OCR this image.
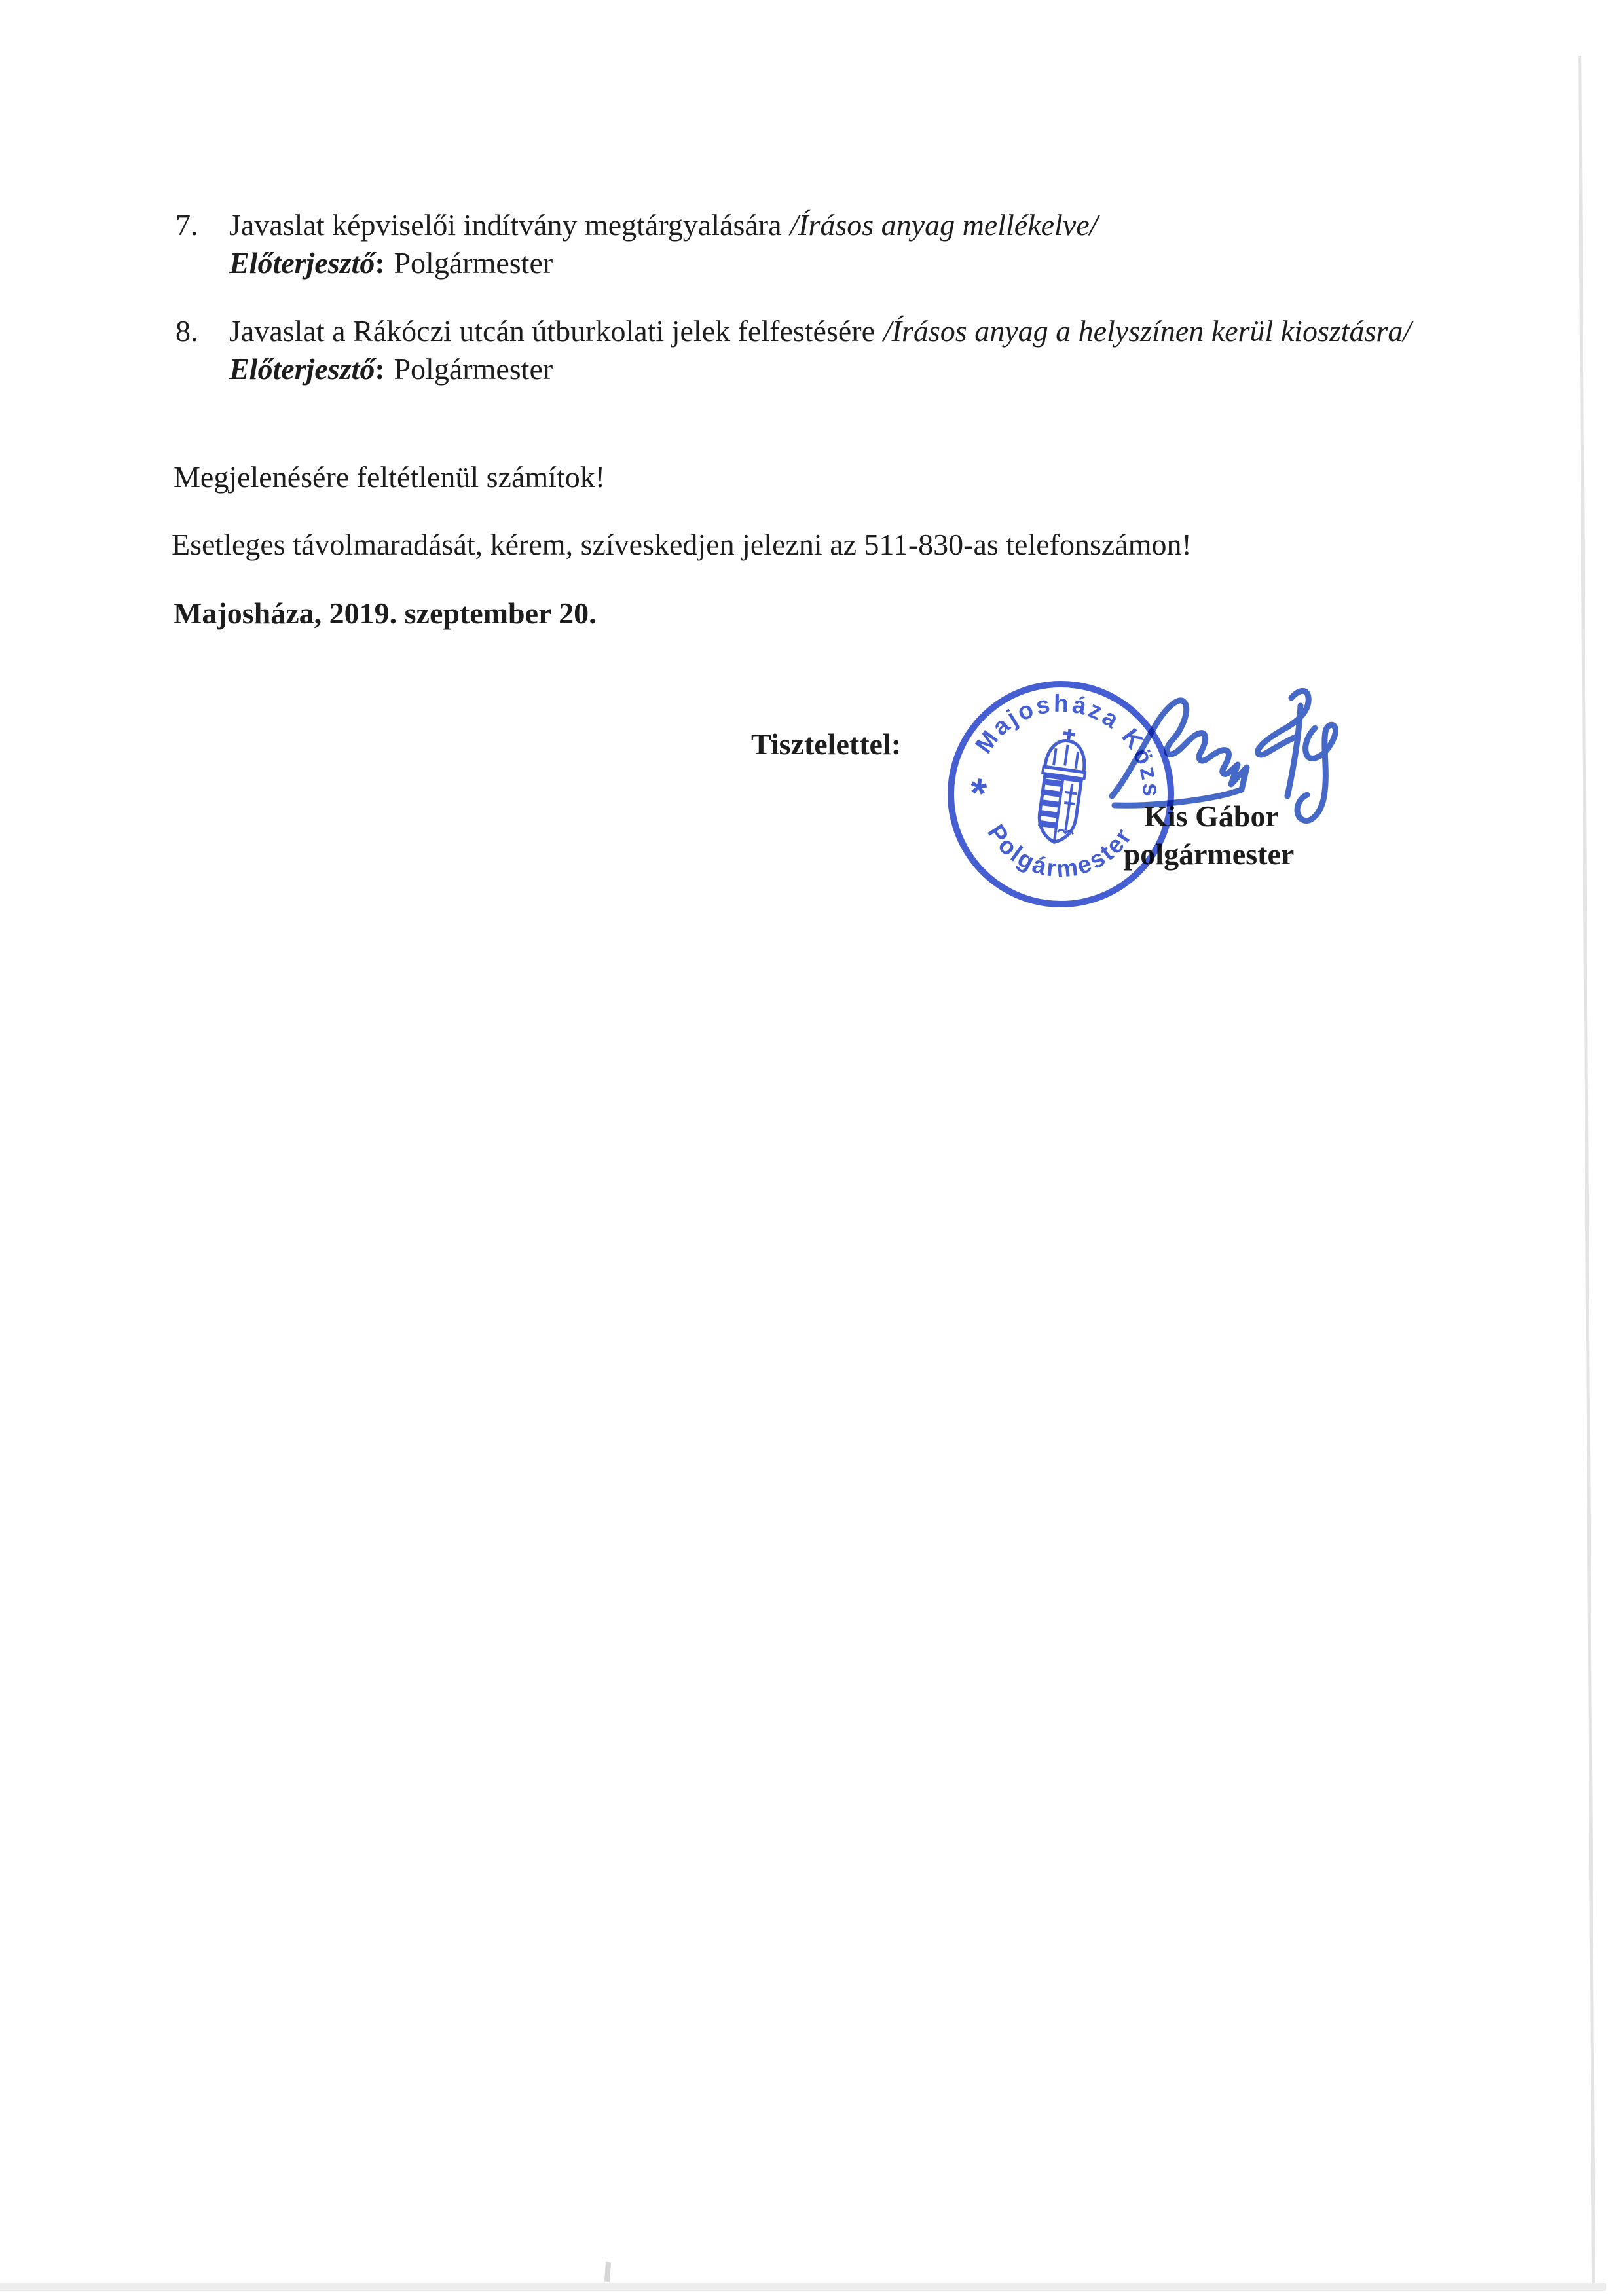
7. Javaslat képviselői indítvány megtárgyalására /Írásos anyag mellékelve/
Előterjesztő: Polgármester
8. Javaslat a Rákóczi utcán útburkolati jelek felfestésére /Írásos anyag a helyszínen kerül kiosztásra/
Előterjesztő: Polgármester
Megjelenésére feltétlenül számítok!
Esetleges távolmaradását, kérem, szíveskedjen jelezni az 511-830-as telefonszámon!
Majosháza, 2019. szeptember 20.
Tisztelettel:
Kis Gábor
polgármester
Majosháza Közs
Polgármester
*
